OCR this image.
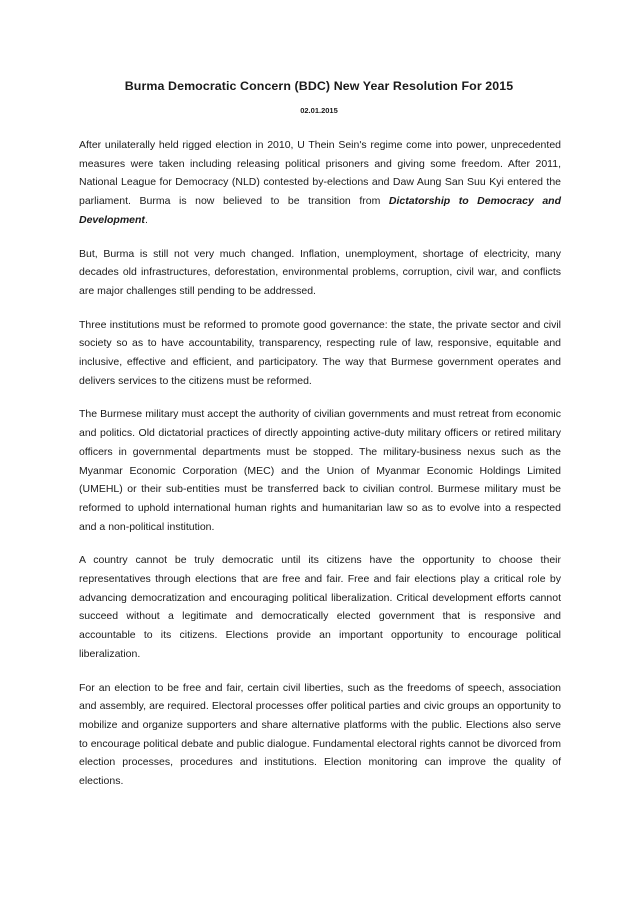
Burma Democratic Concern (BDC) New Year Resolution For 2015
02.01.2015

After unilaterally held rigged election in 2010, U Thein Sein's regime come into power, unprecedented measures were taken including releasing political prisoners and giving some freedom. After 2011, National League for Democracy (NLD) contested by-elections and Daw Aung San Suu Kyi entered the parliament. Burma is now believed to be transition from Dictatorship to Democracy and Development.

But, Burma is still not very much changed. Inflation, unemployment, shortage of electricity, many decades old infrastructures, deforestation, environmental problems, corruption, civil war, and conflicts are major challenges still pending to be addressed.

Three institutions must be reformed to promote good governance: the state, the private sector and civil society so as to have accountability, transparency, respecting rule of law, responsive, equitable and inclusive, effective and efficient, and participatory. The way that Burmese government operates and delivers services to the citizens must be reformed.

The Burmese military must accept the authority of civilian governments and must retreat from economic and politics. Old dictatorial practices of directly appointing active-duty military officers or retired military officers in governmental departments must be stopped. The military-business nexus such as the Myanmar Economic Corporation (MEC) and the Union of Myanmar Economic Holdings Limited (UMEHL) or their sub-entities must be transferred back to civilian control. Burmese military must be reformed to uphold international human rights and humanitarian law so as to evolve into a respected and a non-political institution.

A country cannot be truly democratic until its citizens have the opportunity to choose their representatives through elections that are free and fair. Free and fair elections play a critical role by advancing democratization and encouraging political liberalization. Critical development efforts cannot succeed without a legitimate and democratically elected government that is responsive and accountable to its citizens. Elections provide an important opportunity to encourage political liberalization.

For an election to be free and fair, certain civil liberties, such as the freedoms of speech, association and assembly, are required. Electoral processes offer political parties and civic groups an opportunity to mobilize and organize supporters and share alternative platforms with the public. Elections also serve to encourage political debate and public dialogue. Fundamental electoral rights cannot be divorced from election processes, procedures and institutions. Election monitoring can improve the quality of elections.
